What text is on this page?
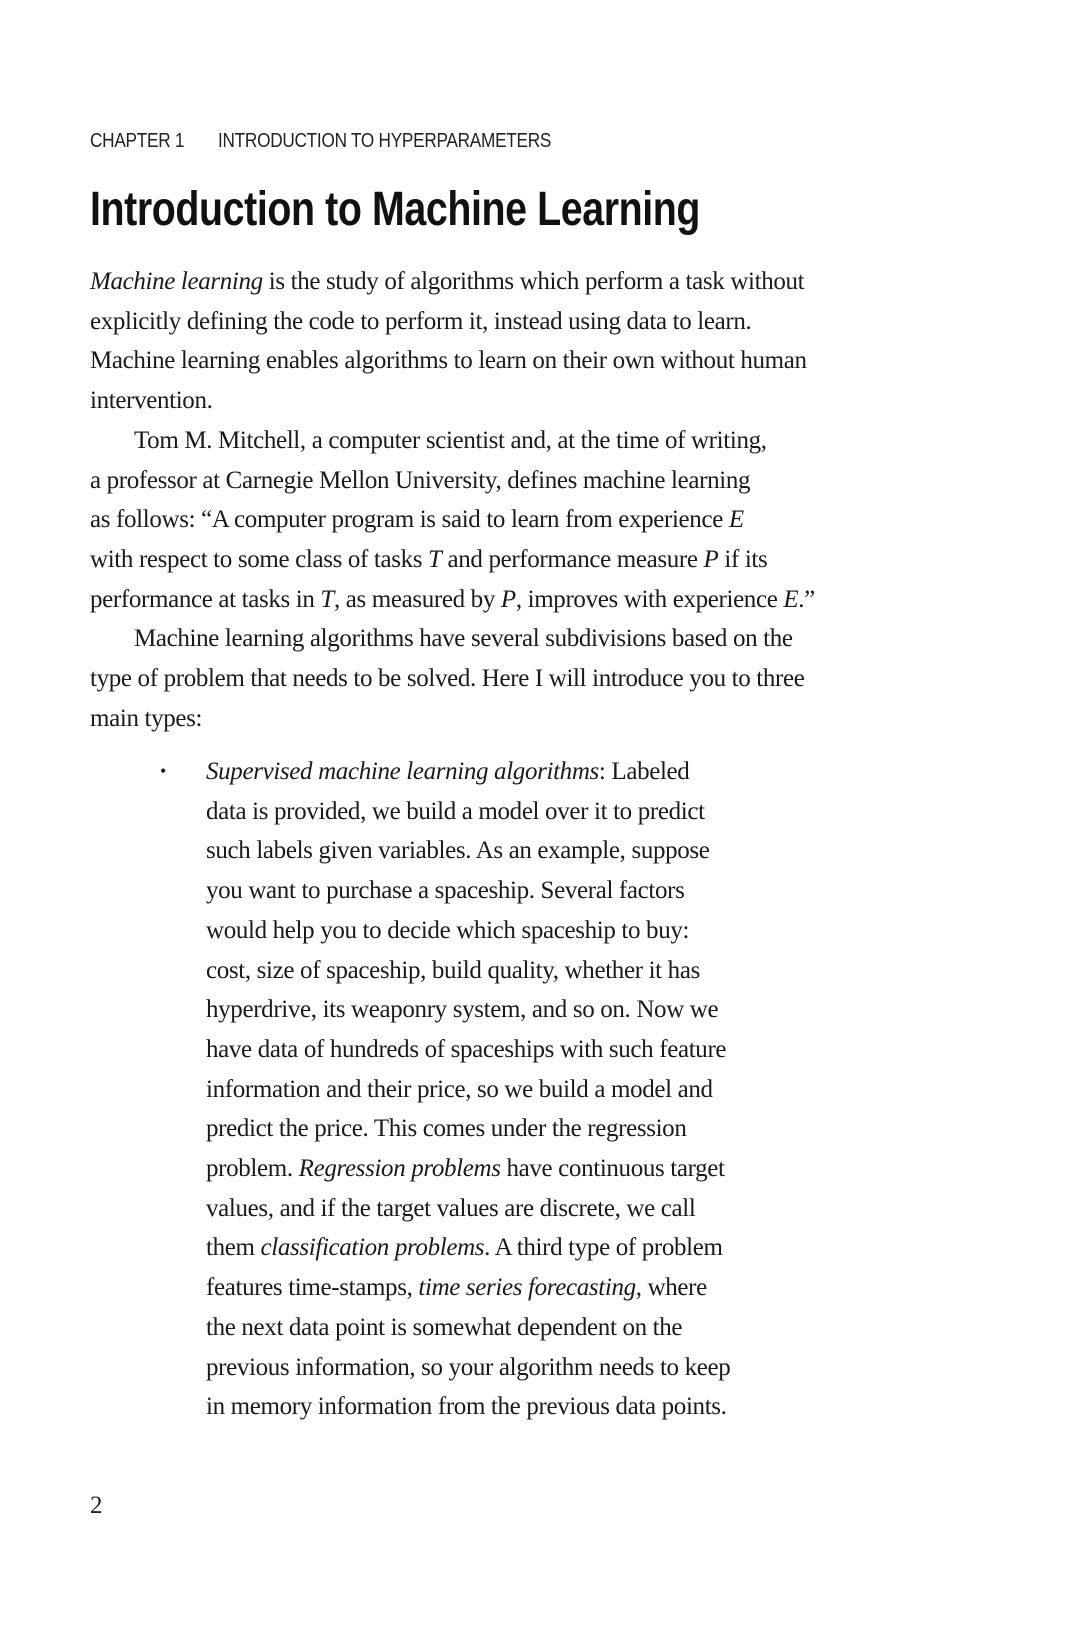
CHAPTER 1 INTRODUCTION TO HYPERPARAMETERS
Introduction to Machine Learning

Machine learning is the study of algorithms which perform a task without
explicitly defining the code to perform it, instead using data to learn.
Machine learning enables algorithms to learn on their own without human
intervention.

Tom M. Mitchell, a computer scientist and, at the time of writing,
a professor at Carnegie Mellon University, defines machine learning
as follows: “A computer program is said to learn from experience E
with respect to some class of tasks T and performance measure P if its
performance at tasks in T, as measured by P, improves with experience E.”

Machine learning algorithms have several subdivisions based on the
type of problem that needs to be solved. Here I will introduce you to three
main types:

• Supervised machine learning algorithms: Labeled
data is provided, we build a model over it to predict
such labels given variables. As an example, suppose
you want to purchase a spaceship. Several factors
would help you to decide which spaceship to buy:
cost, size of spaceship, build quality, whether it has
hyperdrive, its weaponry system, and so on. Now we
have data of hundreds of spaceships with such feature
information and their price, so we build a model and
predict the price. This comes under the regression
problem. Regression problems have continuous target
values, and if the target values are discrete, we call
them classification problems. A third type of problem
features time-stamps, time series forecasting, where
the next data point is somewhat dependent on the
previous information, so your algorithm needs to keep
in memory information from the previous data points.
2
